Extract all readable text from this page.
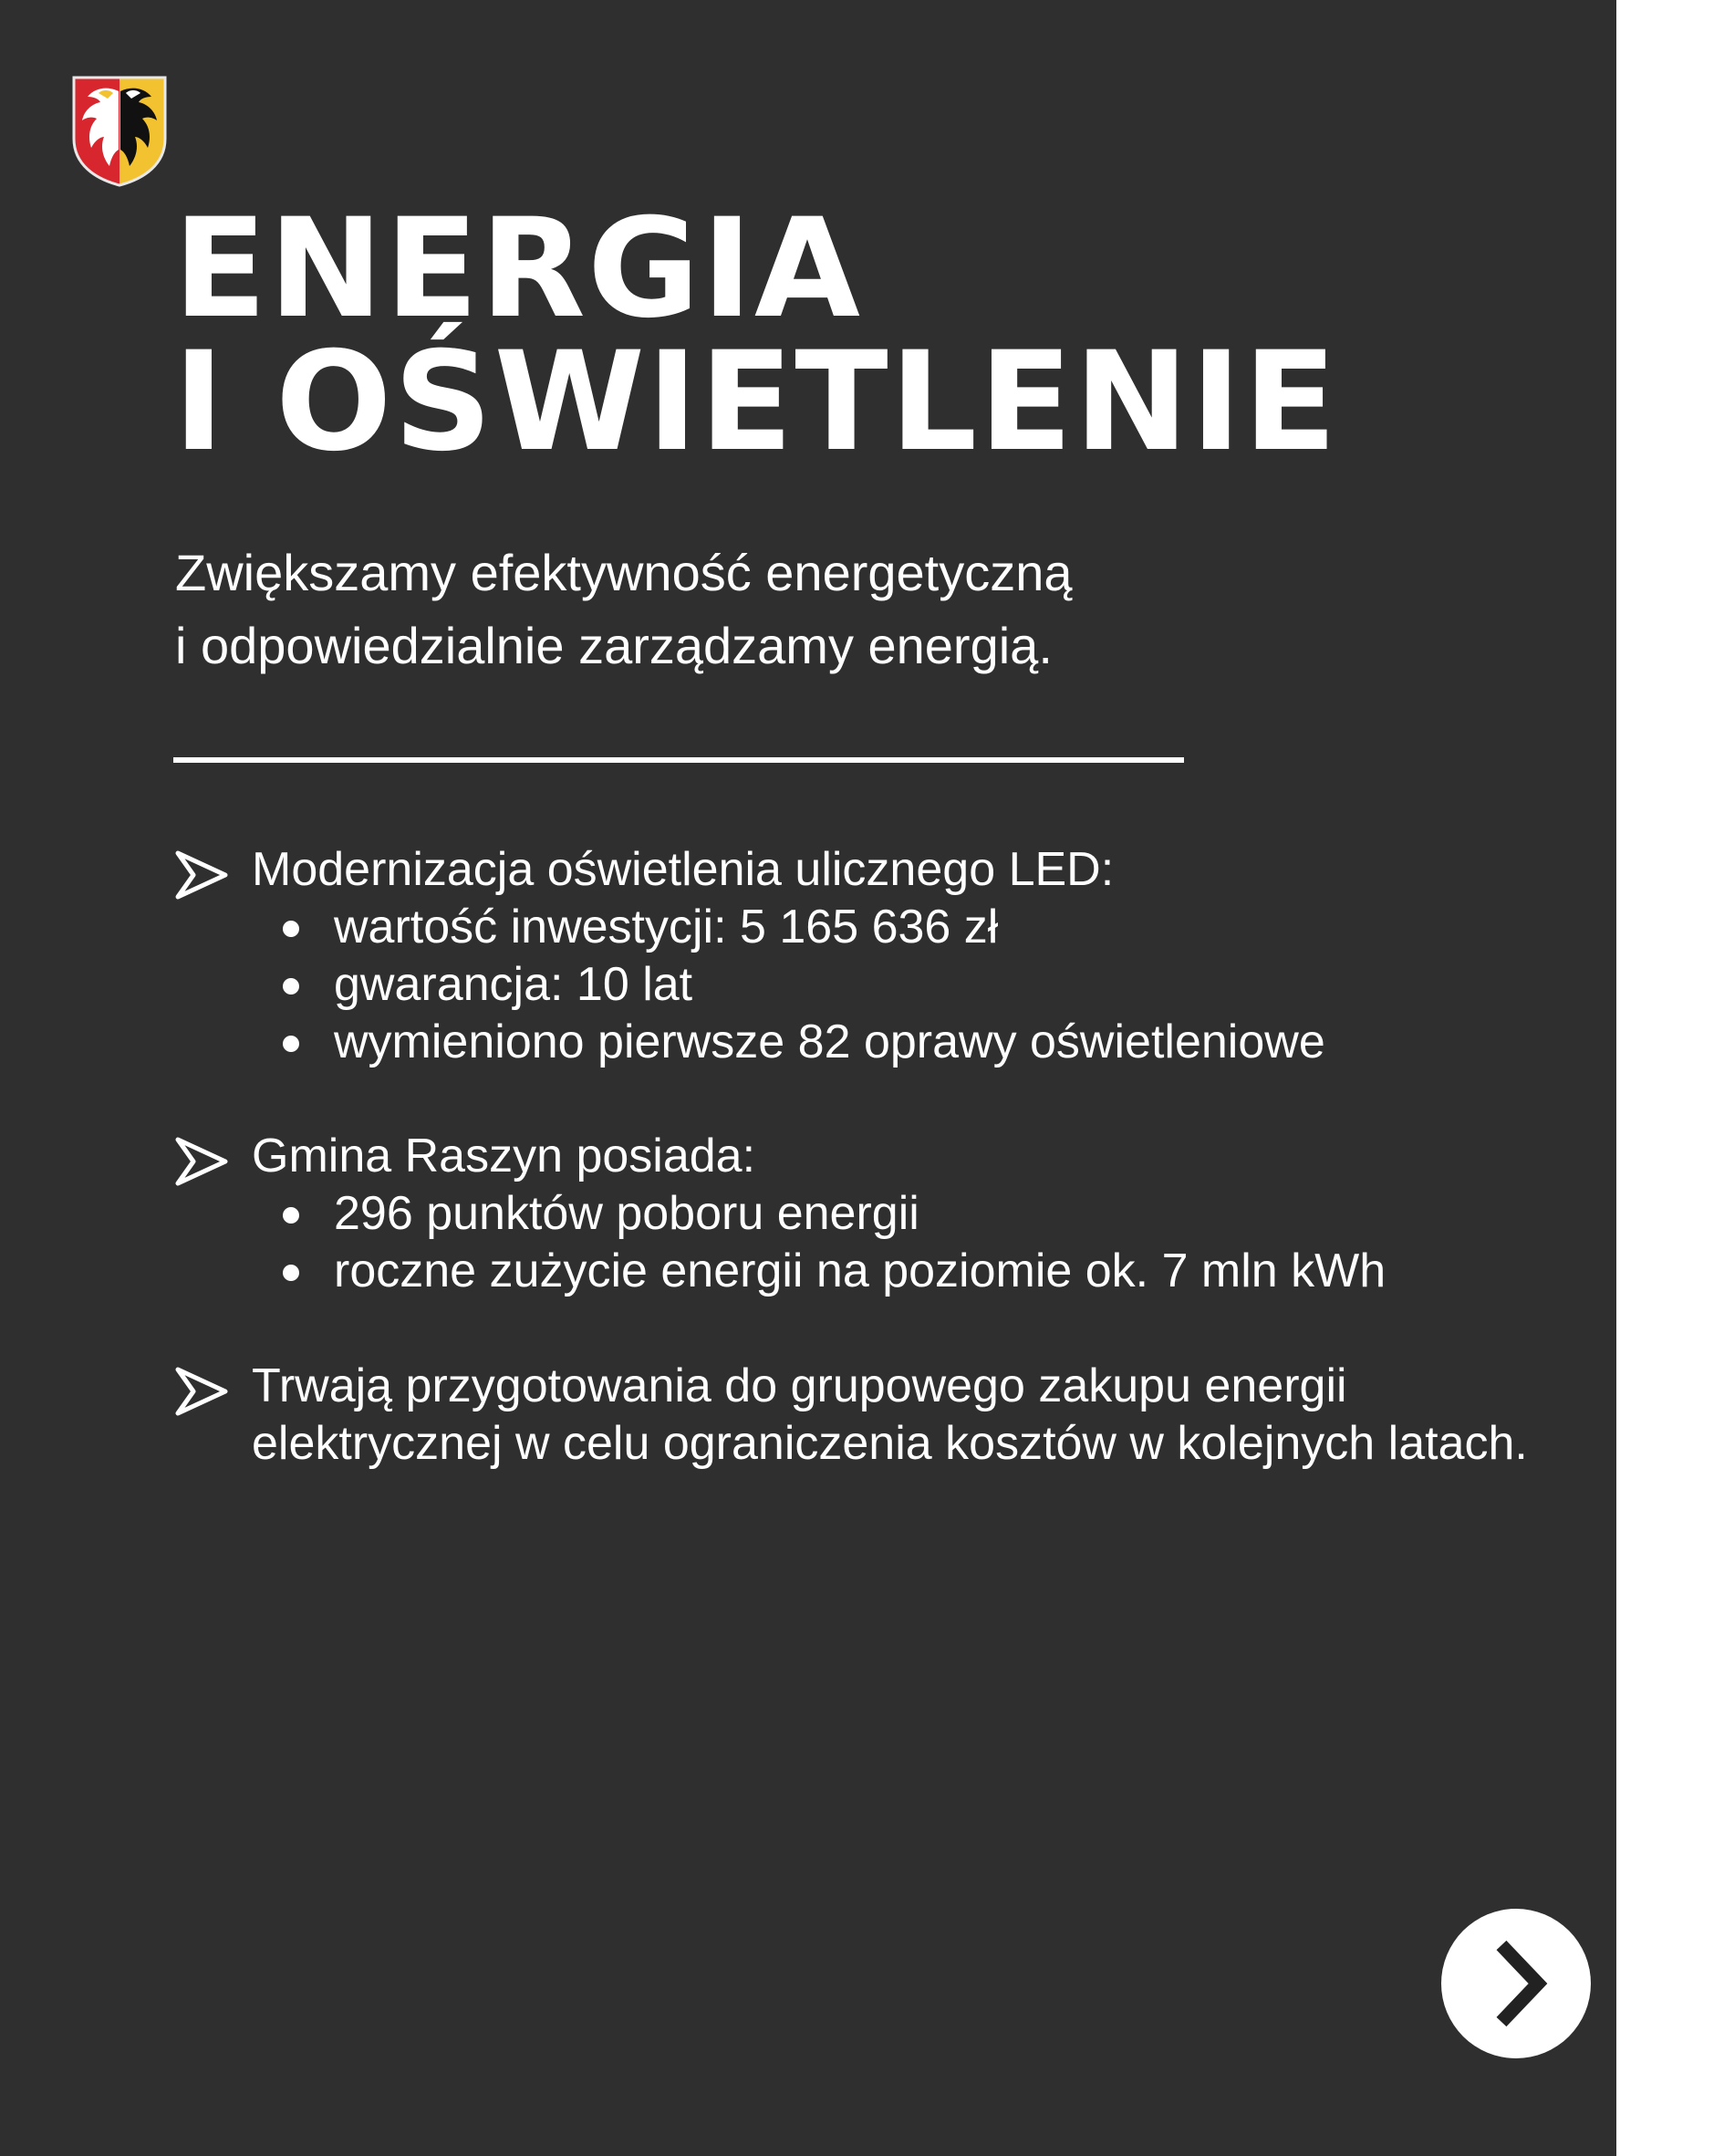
ENERGIA
I OŚWIETLENIE

Zwiększamy efektywność energetyczną
i odpowiedzialnie zarządzamy energią.

Modernizacja oświetlenia ulicznego LED:
wartość inwestycji: 5 165 636 zł
gwarancja: 10 lat
wymieniono pierwsze 82 oprawy oświetleniowe
Gmina Raszyn posiada:
296 punktów poboru energii
roczne zużycie energii na poziomie ok. 7 mln kWh
Trwają przygotowania do grupowego zakupu energii elektrycznej w celu ograniczenia kosztów w kolejnych latach.
